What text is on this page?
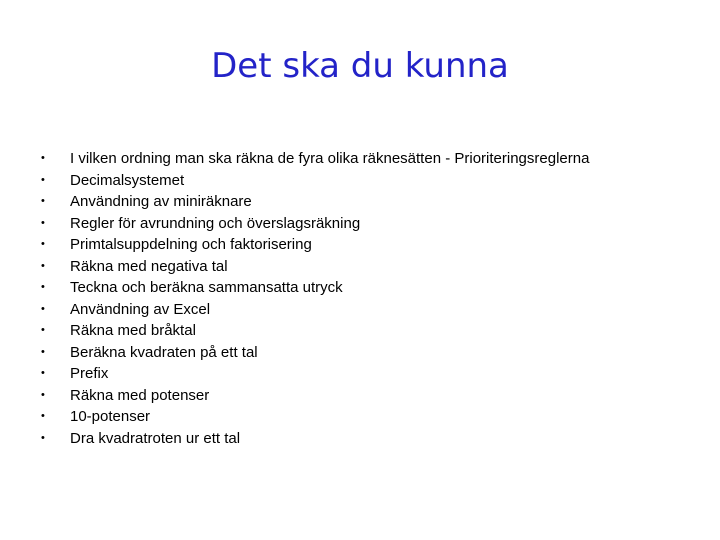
Det ska du kunna
•	I vilken ordning man ska räkna de fyra olika räknesätten - Prioriteringsreglerna
•	Decimalsystemet
•	Användning av miniräknare
•	Regler för avrundning och överslagsräkning
•	Primtalsuppdelning och faktorisering
•	Räkna med negativa tal
•	Teckna och beräkna sammansatta utryck
•	Användning av Excel
•	Räkna med bråktal
•	Beräkna kvadraten på ett tal
•	Prefix
•	Räkna med potenser
•	10-potenser
•	Dra kvadratroten ur ett tal
